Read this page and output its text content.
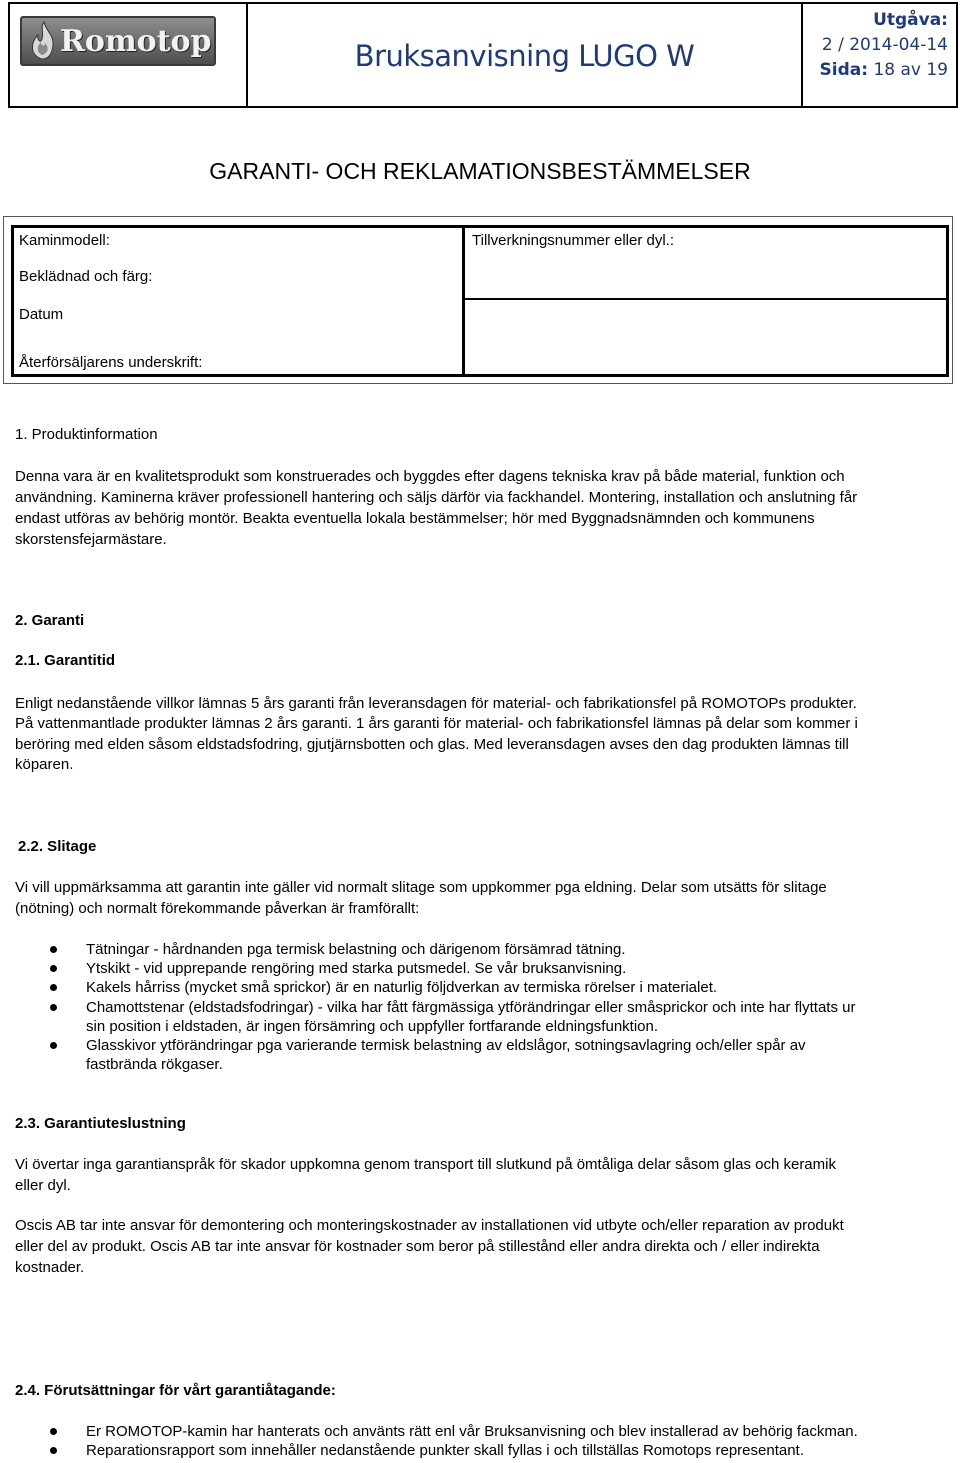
Romotop	Bruksanvisning LUGO W
Utgåva:
2 / 2014-04-14
Sida: 18 av 19
GARANTI- OCH REKLAMATIONSBESTÄMMELSER
Kaminmodell:	Tillverkningsnummer eller dyl.:
Beklädnad och färg:
Datum
Återförsäljarens underskrift:
1. Produktinformation
Denna vara är en kvalitetsprodukt som konstruerades och byggdes efter dagens tekniska krav på både material, funktion och
användning. Kaminerna kräver professionell hantering och säljs därför via fackhandel. Montering, installation och anslutning får
endast utföras av behörig montör. Beakta eventuella lokala bestämmelser; hör med Byggnadsnämnden och kommunens
skorstensfejarmästare.
2. Garanti
2.1. Garantitid
Enligt nedanstående villkor lämnas 5 års garanti från leveransdagen för material- och fabrikationsfel på ROMOTOPs produkter.
På vattenmantlade produkter lämnas 2 års garanti. 1 års garanti för material- och fabrikationsfel lämnas på delar som kommer i
beröring med elden såsom eldstadsfodring, gjutjärnsbotten och glas. Med leveransdagen avses den dag produkten lämnas till
köparen.
2.2. Slitage
Vi vill uppmärksamma att garantin inte gäller vid normalt slitage som uppkommer pga eldning. Delar som utsätts för slitage
(nötning) och normalt förekommande påverkan är framförallt:
Tätningar - hårdnanden pga termisk belastning och därigenom försämrad tätning.
Ytskikt - vid upprepande rengöring med starka putsmedel. Se vår bruksanvisning.
Kakels hårriss (mycket små sprickor) är en naturlig följdverkan av termiska rörelser i materialet.
Chamottstenar (eldstadsfodringar) - vilka har fått färgmässiga ytförändringar eller småsprickor och inte har flyttats ur
sin position i eldstaden, är ingen försämring och uppfyller fortfarande eldningsfunktion.
Glasskivor ytförändringar pga varierande termisk belastning av eldslågor, sotningsavlagring och/eller spår av
fastbrända rökgaser.
2.3. Garantiuteslustning
Vi övertar inga garantianspråk för skador uppkomna genom transport till slutkund på ömtåliga delar såsom glas och keramik
eller dyl.
Oscis AB tar inte ansvar för demontering och monteringskostnader av installationen vid utbyte och/eller reparation av produkt
eller del av produkt. Oscis AB tar inte ansvar för kostnader som beror på stillestånd eller andra direkta och / eller indirekta
kostnader.
2.4. Förutsättningar för vårt garantiåtagande:
Er ROMOTOP-kamin har hanterats och använts rätt enl vår Bruksanvisning och blev installerad av behörig fackman.
Reparationsrapport som innehåller nedanstående punkter skall fyllas i och tillställas Romotops representant.
